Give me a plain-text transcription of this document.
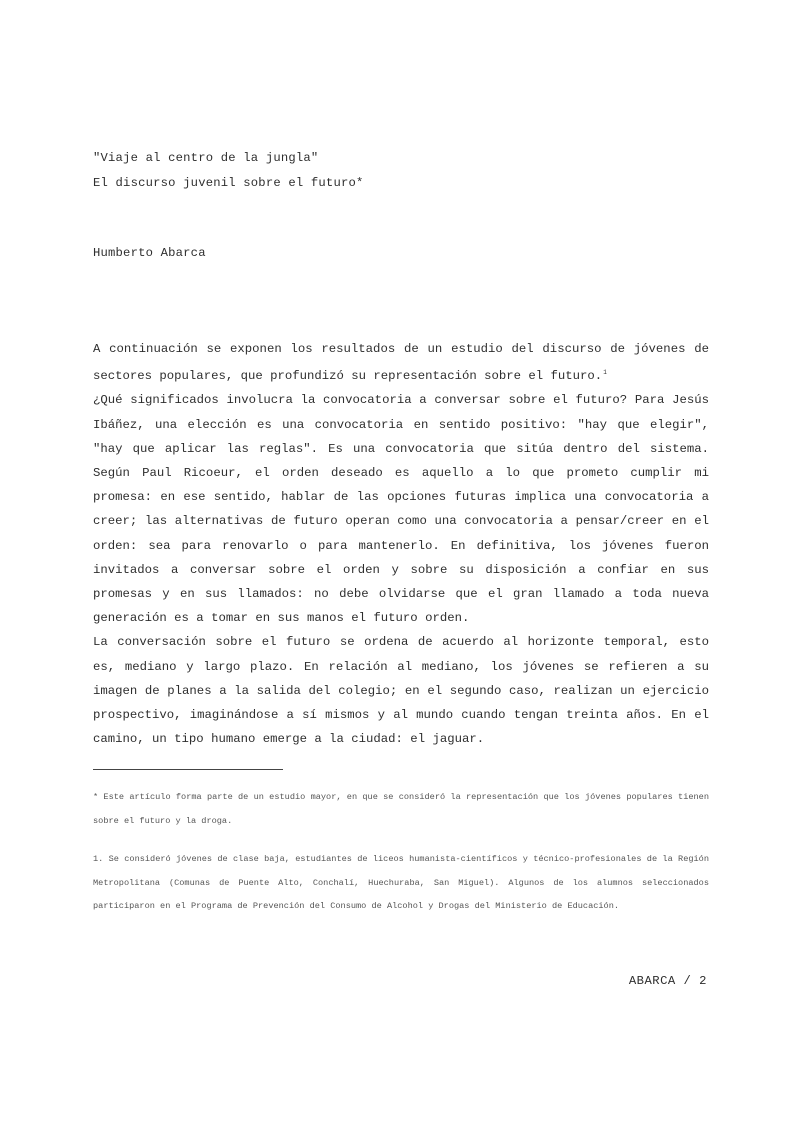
"Viaje al centro de la jungla"
El discurso juvenil sobre el futuro*
Humberto Abarca

A continuación se exponen los resultados de un estudio del discurso de jóvenes de sectores populares, que profundizó su representación sobre el futuro.$^1$

¿Qué significados involucra la convocatoria a conversar sobre el futuro? Para Jesús Ibáñez, una elección es una convocatoria en sentido positivo: "hay que elegir", "hay que aplicar las reglas". Es una convocatoria que sitúa dentro del sistema. Según Paul Ricoeur, el orden deseado es aquello a lo que prometo cumplir mi promesa: en ese sentido, hablar de las opciones futuras implica una convocatoria a creer; las alternativas de futuro operan como una convocatoria a pensar/creer en el orden: sea para renovarlo o para mantenerlo. En definitiva, los jóvenes fueron invitados a conversar sobre el orden y sobre su disposición a confiar en sus promesas y en sus llamados: no debe olvidarse que el gran llamado a toda nueva generación es a tomar en sus manos el futuro orden.

La conversación sobre el futuro se ordena de acuerdo al horizonte temporal, esto es, mediano y largo plazo. En relación al mediano, los jóvenes se refieren a su imagen de planes a la salida del colegio; en el segundo caso, realizan un ejercicio prospectivo, imaginándose a sí mismos y al mundo cuando tengan treinta años. En el camino, un tipo humano emerge a la ciudad: el jaguar.

* Este artículo forma parte de un estudio mayor, en que se consideró la representación que los jóvenes populares tienen sobre el futuro y la droga.

1. Se consideró jóvenes de clase baja, estudiantes de liceos humanista-científicos y técnico-profesionales de la Región Metropolitana (Comunas de Puente Alto, Conchalí, Huechuraba, San Miguel). Algunos de los alumnos seleccionados participaron en el Programa de Prevención del Consumo de Alcohol y Drogas del Ministerio de Educación.

ABARCA / 2
